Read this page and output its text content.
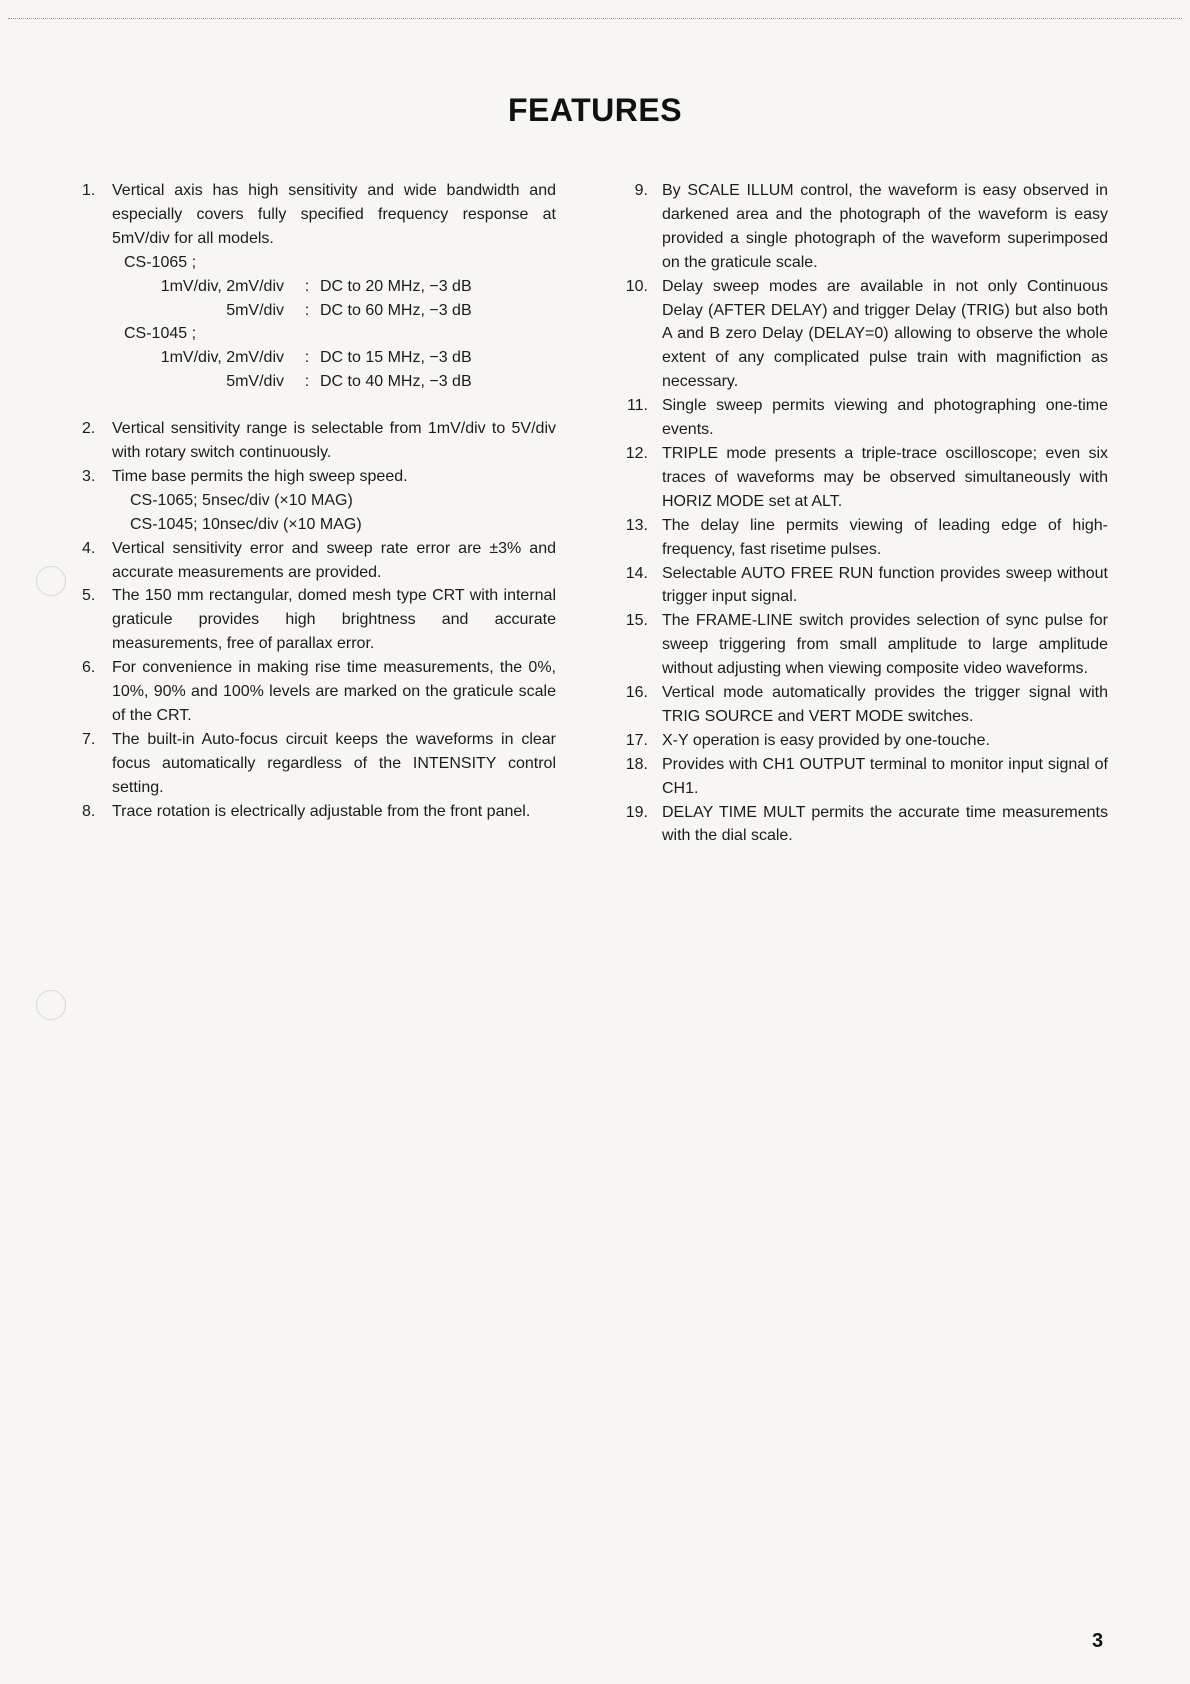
FEATURES
1. Vertical axis has high sensitivity and wide bandwidth and especially covers fully specified frequency response at 5mV/div for all models.
CS-1065 ;
1mV/div, 2mV/div	: DC to 20 MHz, −3 dB
5mV/div	: DC to 60 MHz, −3 dB
CS-1045 ;
1mV/div, 2mV/div	: DC to 15 MHz, −3 dB
5mV/div	: DC to 40 MHz, −3 dB
2. Vertical sensitivity range is selectable from 1mV/div to 5V/div with rotary switch continuously.
3. Time base permits the high sweep speed.
CS-1065; 5nsec/div (×10 MAG)
CS-1045; 10nsec/div (×10 MAG)
4. Vertical sensitivity error and sweep rate error are ±3% and accurate measurements are provided.
5. The 150 mm rectangular, domed mesh type CRT with internal graticule provides high brightness and accurate measurements, free of parallax error.
6. For convenience in making rise time measurements, the 0%, 10%, 90% and 100% levels are marked on the graticule scale of the CRT.
7. The built-in Auto-focus circuit keeps the waveforms in clear focus automatically regardless of the INTENSITY control setting.
8. Trace rotation is electrically adjustable from the front panel.
9. By SCALE ILLUM control, the waveform is easy observed in darkened area and the photograph of the waveform is easy provided a single photograph of the waveform superimposed on the graticule scale.
10. Delay sweep modes are available in not only Continuous Delay (AFTER DELAY) and trigger Delay (TRIG) but also both A and B zero Delay (DELAY=0) allowing to observe the whole extent of any complicated pulse train with magnifiction as necessary.
11. Single sweep permits viewing and photographing one-time events.
12. TRIPLE mode presents a triple-trace oscilloscope; even six traces of waveforms may be observed simultaneously with HORIZ MODE set at ALT.
13. The delay line permits viewing of leading edge of high-frequency, fast risetime pulses.
14. Selectable AUTO FREE RUN function provides sweep without trigger input signal.
15. The FRAME-LINE switch provides selection of sync pulse for sweep triggering from small amplitude to large amplitude without adjusting when viewing composite video waveforms.
16. Vertical mode automatically provides the trigger signal with TRIG SOURCE and VERT MODE switches.
17. X-Y operation is easy provided by one-touche.
18. Provides with CH1 OUTPUT terminal to monitor input signal of CH1.
19. DELAY TIME MULT permits the accurate time measurements with the dial scale.
3
